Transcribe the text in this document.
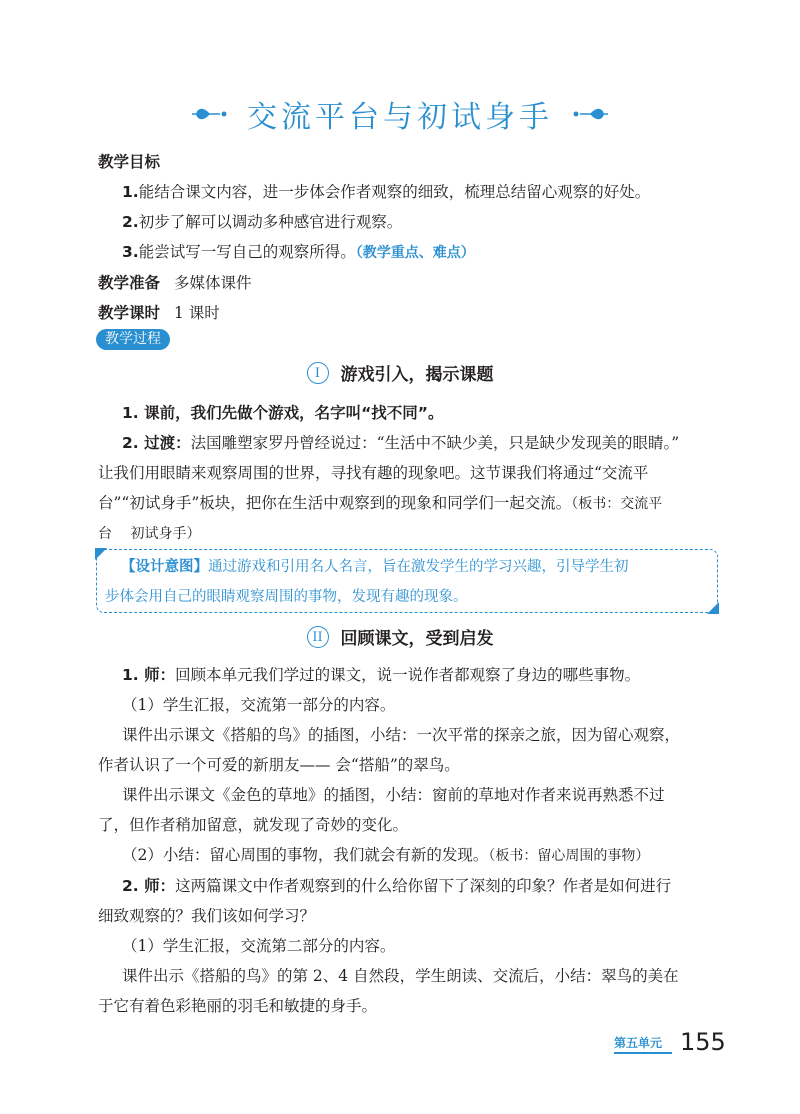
交流平台与初试身手
教学目标
1.能结合课文内容，进一步体会作者观察的细致，梳理总结留心观察的好处。
2.初步了解可以调动多种感官进行观察。
3.能尝试写一写自己的观察所得。（教学重点、难点）
教学准备 多媒体课件
教学课时 1 课时
教学过程
I 游戏引入，揭示课题
1. 课前，我们先做个游戏，名字叫“找不同”。
2. 过渡：法国雕塑家罗丹曾经说过：“生活中不缺少美，只是缺少发现美的眼睛。”
让我们用眼睛来观察周围的世界，寻找有趣的现象吧。这节课我们将通过“交流平
台”“初试身手”板块，把你在生活中观察到的现象和同学们一起交流。（板书：交流平
台　 初试身手）
【设计意图】通过游戏和引用名人名言，旨在激发学生的学习兴趣，引导学生初
步体会用自己的眼睛观察周围的事物，发现有趣的现象。
II 回顾课文，受到启发
1. 师：回顾本单元我们学过的课文，说一说作者都观察了身边的哪些事物。
（1）学生汇报，交流第一部分的内容。
课件出示课文《搭船的鸟》的插图，小结：一次平常的探亲之旅，因为留心观察，
作者认识了一个可爱的新朋友—— 会“搭船”的翠鸟。
课件出示课文《金色的草地》的插图，小结：窗前的草地对作者来说再熟悉不过
了，但作者稍加留意，就发现了奇妙的变化。
（2）小结：留心周围的事物，我们就会有新的发现。（板书：留心周围的事物）
2. 师：这两篇课文中作者观察到的什么给你留下了深刻的印象？作者是如何进行
细致观察的？我们该如何学习？
（1）学生汇报，交流第二部分的内容。
课件出示《搭船的鸟》的第 2、4 自然段，学生朗读、交流后，小结：翠鸟的美在
于它有着色彩艳丽的羽毛和敏捷的身手。
第五单元 155
